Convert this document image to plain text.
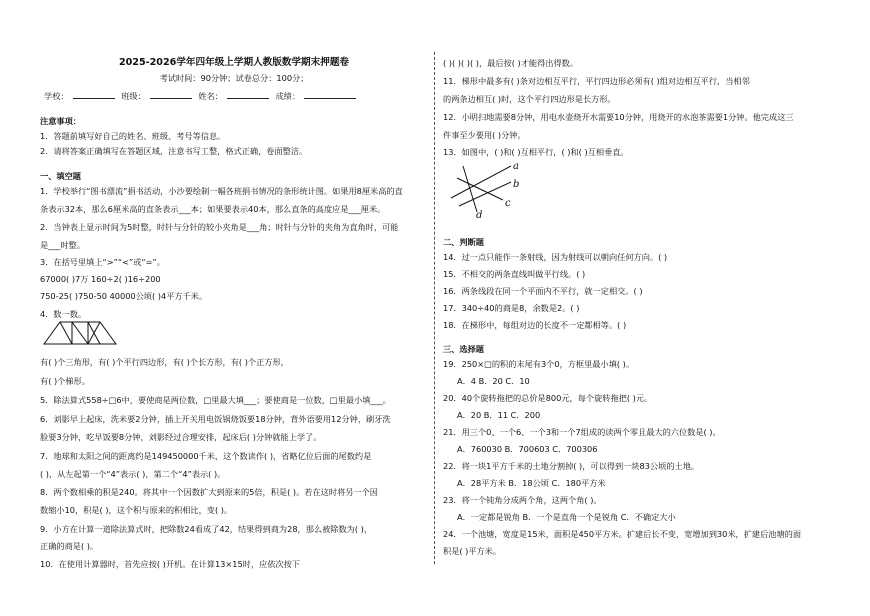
2025-2026学年四年级上学期人教版数学期末押题卷
考试时间：90分钟；试卷总分：100分；
学校：	班级：	姓名：	成绩：
注意事项：
1．答题前填写好自己的姓名、班级、考号等信息。
2．请将答案正确填写在答题区域，注意书写工整，格式正确，卷面整洁。
一、填空题
1．学校举行“图书漂流”捐书活动，小沙要绘制一幅各班捐书情况的条形统计图。如果用8厘米高的直
条表示32本，那么6厘米高的直条表示___本；如果要表示40本，那么直条的高度应是___厘米。
2．当钟表上显示时间为5时整，时针与分针的较小夹角是___角；时针与分针的夹角为直角时，可能
是___时整。
3．在括号里填上“>”“<”或“=”。
67000( )7万 160÷2( )16÷200
750-25( )750-50 40000公顷( )4平方千米。
4．数一数。
有( )个三角形，有( )个平行四边形，有( )个长方形，有( )个正方形，
有( )个梯形。
5．除法算式558÷□6中，要使商是两位数，□里最大填___；要使商是一位数，□里最小填___。
6．刘影早上起床，洗米要2分钟，插上开关用电饭锅烧饭要18分钟，背外语要用12分钟，刷牙洗
脸要3分钟，吃早饭要8分钟，刘影经过合理安排，起床后( )分钟就能上学了。
7．地球和太阳之间的距离约是149450000千米，这个数读作( )，省略亿位后面的尾数约是
( )，从左起第一个“4”表示( )，第二个“4”表示( )。
8．两个数相乘的积是240。将其中一个因数扩大到原来的5倍，积是( )。若在这时将另一个因
数缩小10，积是( )，这个积与原来的积相比，变( )。
9．小方在计算一道除法算式时，把除数24看成了42，结果得到商为28，那么被除数为( )，
正确的商是( )。
10．在使用计算器时，首先应按( )开机。在计算13×15时，应依次按下
( )( )( )( )，最后按( )才能得出得数。
11．梯形中最多有( )条对边相互平行，平行四边形必须有( )组对边相互平行，当相邻
的两条边相互( )时，这个平行四边形是长方形。
12．小明扫地需要8分钟，用电水壶烧开水需要10分钟，用烧开的水泡茶需要1分钟。他完成这三
件事至少要用( )分钟。
13．如图中，( )和( )互相平行，( )和( )互相垂直。
a
b
c
d
二、判断题
14．过一点只能作一条射线，因为射线可以朝向任何方向。( )
15．不相交的两条直线叫做平行线。( )
16．两条线段在同一个平面内不平行，就一定相交。( )
17．340÷40的商是8，余数是2。( )
18．在梯形中，每组对边的长度不一定都相等。( )
三、选择题
19．250×□的积的末尾有3个0，方框里最小填( )。
A．4 B．20 C．10
20．40个旋转拖把的总价是800元，每个旋转拖把( )元。
A．20 B．11 C．200
21．用三个0、一个6、一个3和一个7组成的读两个零且最大的六位数是( )。
A．760030 B．700603 C．700306
22．将一块1平方千米的土地分割掉( )，可以得到一块83公顷的土地。
A．28平方米 B．18公顷 C．180平方米
23．将一个钝角分成两个角，这两个角( )。
A．一定都是锐角 B．一个是直角一个是锐角 C．不确定大小
24．一个池塘，宽度是15米，面积是450平方米。扩建后长不变，宽增加到30米，扩建后池塘的面
积是( )平方米。
